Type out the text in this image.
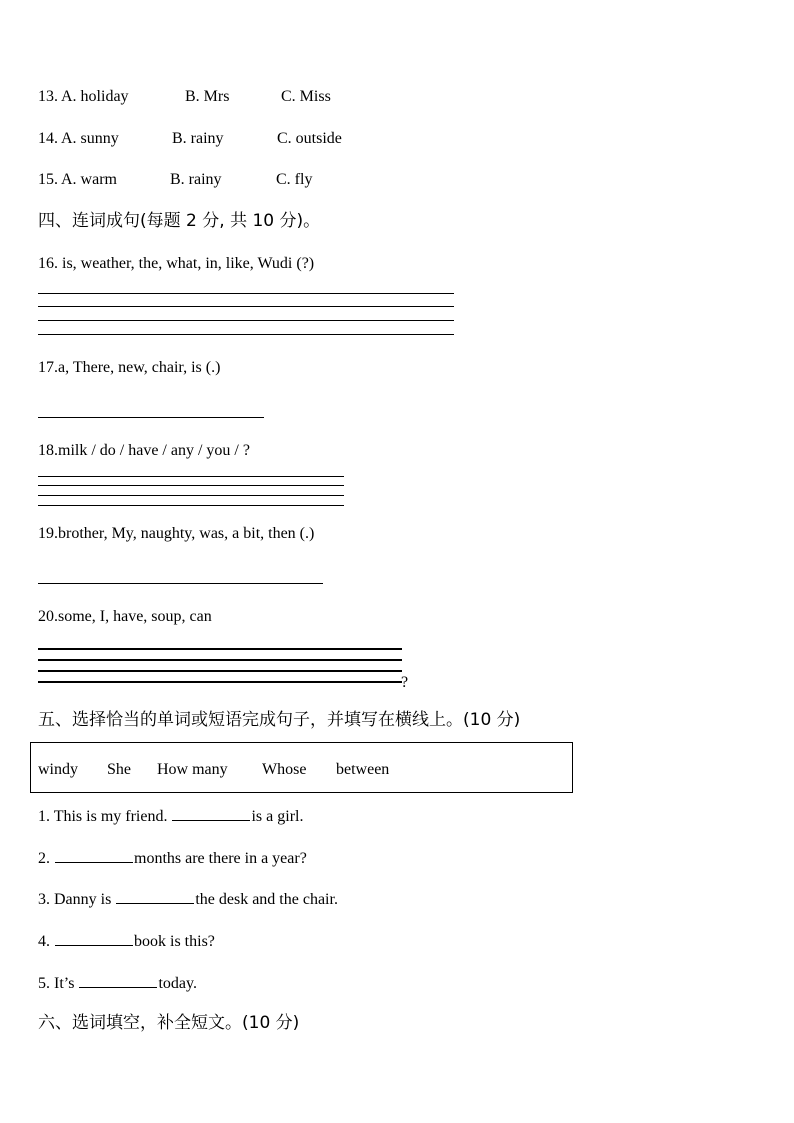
13. A. holiday	B. Mrs	C. Miss
14. A. sunny	B. rainy	C. outside
15. A. warm	B. rainy	C. fly
四、连词成句(每题 2 分, 共 10 分)。
16. is, weather, the, what, in, like, Wudi (?)
17.a, There, new, chair, is (.)
18.milk / do / have / any / you / ?
19.brother, My, naughty, was, a bit, then (.)
20.some, I, have, soup, can
?
五、选择恰当的单词或短语完成句子，并填写在横线上。(10 分)
windy She How many Whose between
1. This is my friend.	is a girl.
2.	months are there in a year?
3. Danny is	the desk and the chair.
4.	book is this?
5. It’s	today.
六、选词填空，补全短文。(10 分)
